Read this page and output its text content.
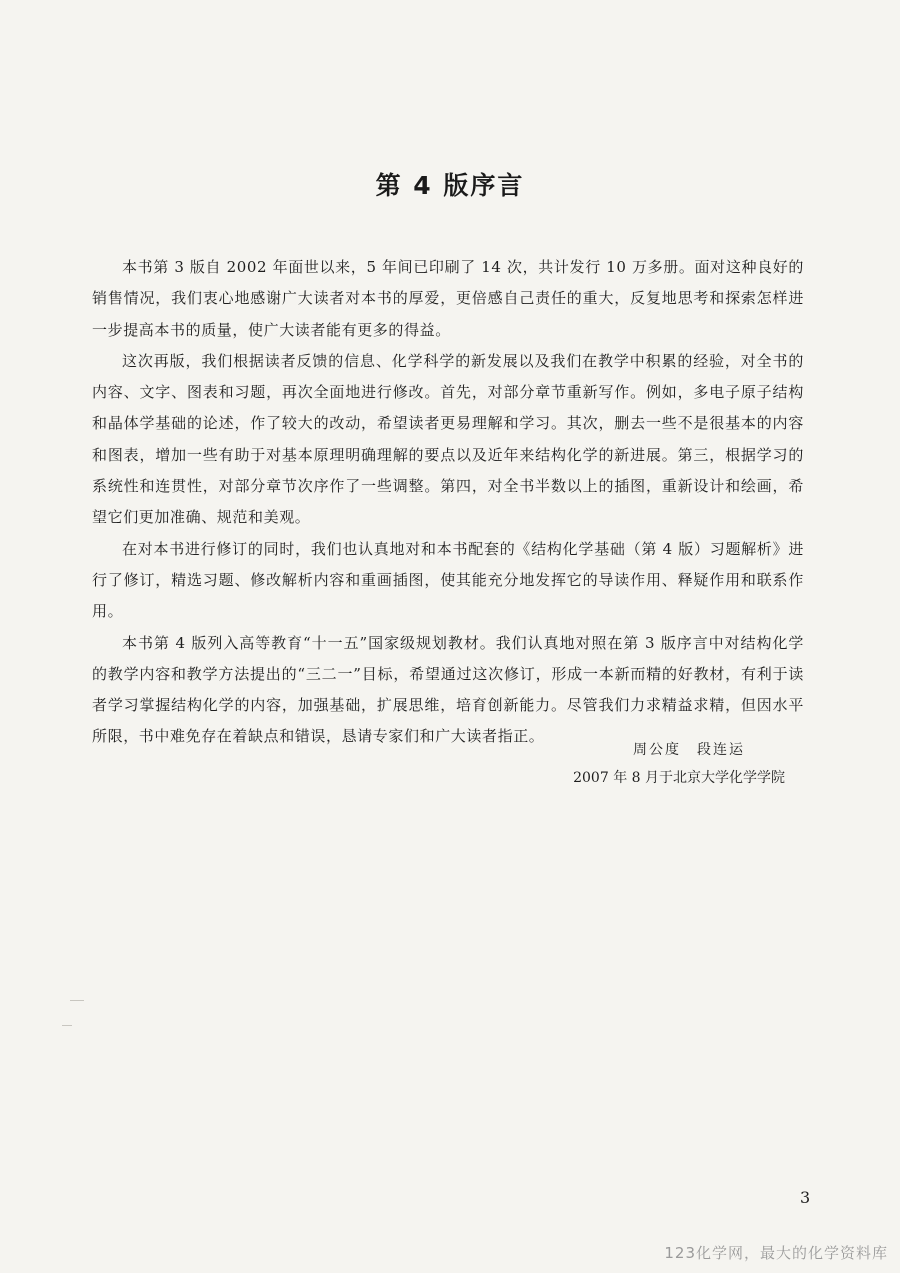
第 4 版序言

本书第 3 版自 2002 年面世以来，5 年间已印刷了 14 次，共计发行 10 万多册。面对这种良好的销售情况，我们衷心地感谢广大读者对本书的厚爱，更倍感自己责任的重大，反复地思考和探索怎样进一步提高本书的质量，使广大读者能有更多的得益。

这次再版，我们根据读者反馈的信息、化学科学的新发展以及我们在教学中积累的经验，对全书的内容、文字、图表和习题，再次全面地进行修改。首先，对部分章节重新写作。例如，多电子原子结构和晶体学基础的论述，作了较大的改动，希望读者更易理解和学习。其次，删去一些不是很基本的内容和图表，增加一些有助于对基本原理明确理解的要点以及近年来结构化学的新进展。第三，根据学习的系统性和连贯性，对部分章节次序作了一些调整。第四，对全书半数以上的插图，重新设计和绘画，希望它们更加准确、规范和美观。

在对本书进行修订的同时，我们也认真地对和本书配套的《结构化学基础（第 4 版）习题解析》进行了修订，精选习题、修改解析内容和重画插图，使其能充分地发挥它的导读作用、释疑作用和联系作用。

本书第 4 版列入高等教育“十一五”国家级规划教材。我们认真地对照在第 3 版序言中对结构化学的教学内容和教学方法提出的“三二一”目标，希望通过这次修订，形成一本新而精的好教材，有利于读者学习掌握结构化学的内容，加强基础，扩展思维，培育创新能力。尽管我们力求精益求精，但因水平所限，书中难免存在着缺点和错误，恳请专家们和广大读者指正。

周公度 段连运
2007 年 8 月于北京大学化学学院
3
123化学网，最大的化学资料库
